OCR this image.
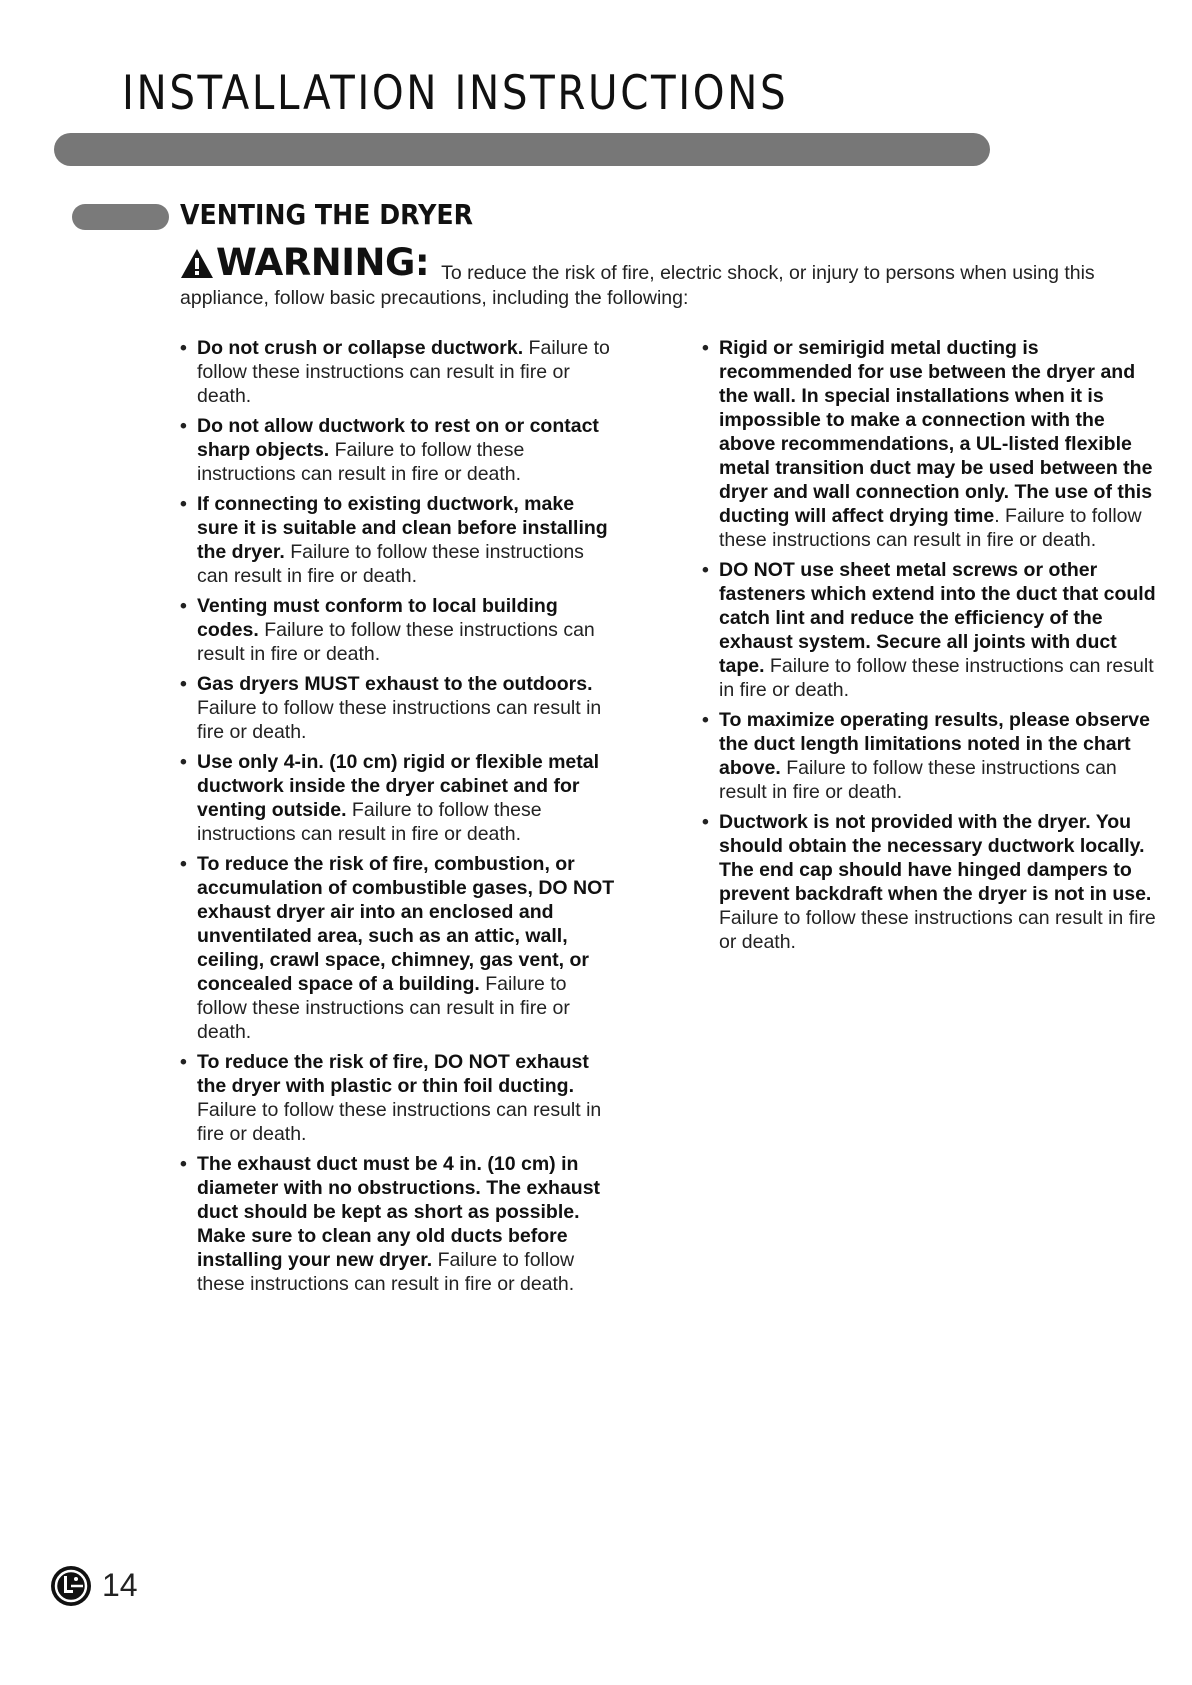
INSTALLATION INSTRUCTIONS
VENTING THE DRYER
WARNING: To reduce the risk of fire, electric shock, or injury to persons when using this appliance, follow basic precautions, including the following:
• Do not crush or collapse ductwork. Failure to follow these instructions can result in fire or death.
• Do not allow ductwork to rest on or contact sharp objects. Failure to follow these instructions can result in fire or death.
• If connecting to existing ductwork, make sure it is suitable and clean before installing the dryer. Failure to follow these instructions can result in fire or death.
• Venting must conform to local building codes. Failure to follow these instructions can result in fire or death.
• Gas dryers MUST exhaust to the outdoors. Failure to follow these instructions can result in fire or death.
• Use only 4-in. (10 cm) rigid or flexible metal ductwork inside the dryer cabinet and for venting outside. Failure to follow these instructions can result in fire or death.
• To reduce the risk of fire, combustion, or accumulation of combustible gases, DO NOT exhaust dryer air into an enclosed and unventilated area, such as an attic, wall, ceiling, crawl space, chimney, gas vent, or concealed space of a building. Failure to follow these instructions can result in fire or death.
• To reduce the risk of fire, DO NOT exhaust the dryer with plastic or thin foil ducting. Failure to follow these instructions can result in fire or death.
• The exhaust duct must be 4 in. (10 cm) in diameter with no obstructions. The exhaust duct should be kept as short as possible. Make sure to clean any old ducts before installing your new dryer. Failure to follow these instructions can result in fire or death.
• Rigid or semirigid metal ducting is recommended for use between the dryer and the wall. In special installations when it is impossible to make a connection with the above recommendations, a UL-listed flexible metal transition duct may be used between the dryer and wall connection only. The use of this ducting will affect drying time. Failure to follow these instructions can result in fire or death.
• DO NOT use sheet metal screws or other fasteners which extend into the duct that could catch lint and reduce the efficiency of the exhaust system. Secure all joints with duct tape. Failure to follow these instructions can result in fire or death.
• To maximize operating results, please observe the duct length limitations noted in the chart above. Failure to follow these instructions can result in fire or death.
• Ductwork is not provided with the dryer. You should obtain the necessary ductwork locally. The end cap should have hinged dampers to prevent backdraft when the dryer is not in use. Failure to follow these instructions can result in fire or death.
14
